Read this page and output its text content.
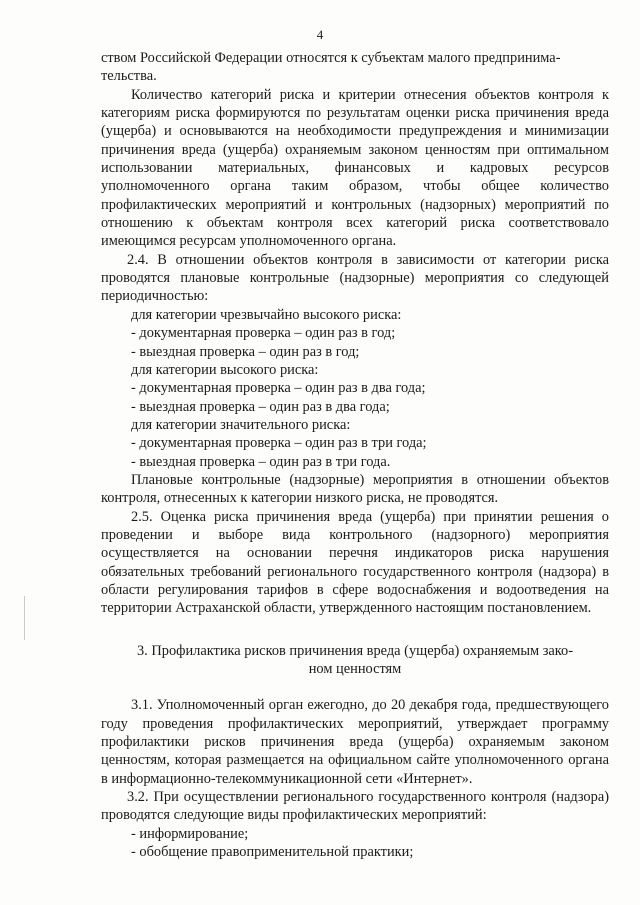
4

ством Российской Федерации относятся к субъектам малого предпринима-

тельства.

Количество категорий риска и критерии отнесения объектов контроля к категориям риска формируются по результатам оценки риска причинения вреда (ущерба) и основываются на необходимости предупреждения и минимизации причинения вреда (ущерба) охраняемым законом ценностям при оптимальном использовании материальных, финансовых и кадровых ресурсов уполномоченного органа таким образом, чтобы общее количество профилактических мероприятий и контрольных (надзорных) мероприятий по отношению к объектам контроля всех категорий риска соответствовало имеющимся ресурсам уполномоченного органа.

2.4. В отношении объектов контроля в зависимости от категории риска проводятся плановые контрольные (надзорные) мероприятия со следующей периодичностью:

для категории чрезвычайно высокого риска:

- документарная проверка – один раз в год;

- выездная проверка – один раз в год;

для категории высокого риска:

- документарная проверка – один раз в два года;

- выездная проверка – один раз в два года;

для категории значительного риска:

- документарная проверка – один раз в три года;

- выездная проверка – один раз в три года.

Плановые контрольные (надзорные) мероприятия в отношении объектов контроля, отнесенных к категории низкого риска, не проводятся.

2.5. Оценка риска причинения вреда (ущерба) при принятии решения о проведении и выборе вида контрольного (надзорного) мероприятия осуществляется на основании перечня индикаторов риска нарушения обязательных требований регионального государственного контроля (надзора) в области регулирования тарифов в сфере водоснабжения и водоотведения на территории Астраханской области, утвержденного настоящим постановлением.

3. Профилактика рисков причинения вреда (ущерба) охраняемым зако-

ном ценностям

3.1. Уполномоченный орган ежегодно, до 20 декабря года, предшествующего году проведения профилактических мероприятий, утверждает программу профилактики рисков причинения вреда (ущерба) охраняемым законом ценностям, которая размещается на официальном сайте уполномоченного органа в информационно-телекоммуникационной сети «Интернет».

3.2. При осуществлении регионального государственного контроля (надзора) проводятся следующие виды профилактических мероприятий:

- информирование;

- обобщение правоприменительной практики;
